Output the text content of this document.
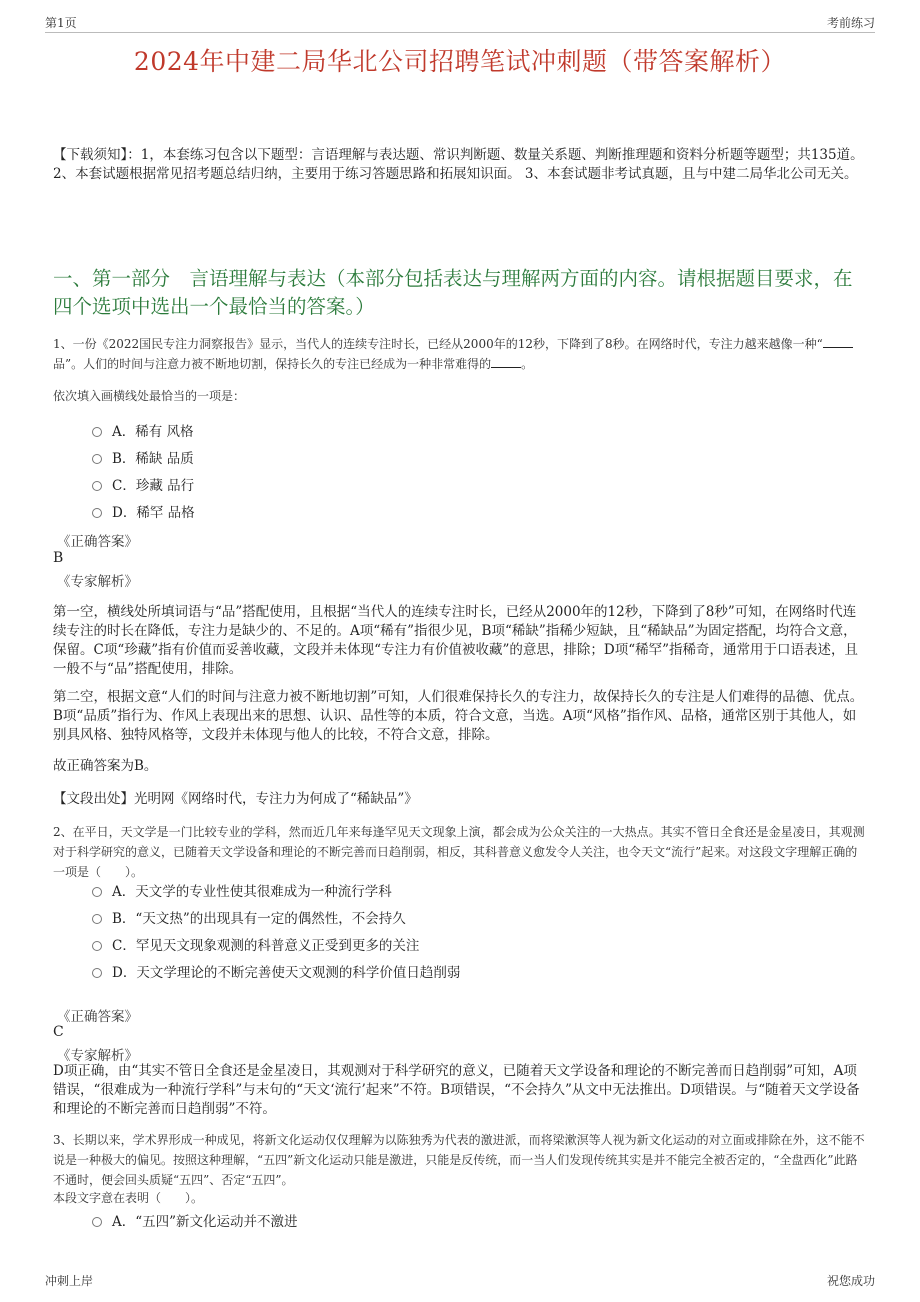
第1页	考前练习
2024年中建二局华北公司招聘笔试冲刺题（带答案解析）
【下载须知】：1，本套练习包含以下题型：言语理解与表达题、常识判断题、数量关系题、判断推理题和资料分析题等题型；共135道。 2、本套试题根据常见招考题总结归纳，主要用于练习答题思路和拓展知识面。 3、本套试题非考试真题，且与中建二局华北公司无关。
一、第一部分　言语理解与表达（本部分包括表达与理解两方面的内容。请根据题目要求，在四个选项中选出一个最恰当的答案。）
1、一份《2022国民专注力洞察报告》显示，当代人的连续专注时长，已经从2000年的12秒，下降到了8秒。在网络时代，专注力越来越像一种“品”。人们的时间与注意力被不断地切割，保持长久的专注已经成为一种非常难得的	。
依次填入画横线处最恰当的一项是：
A．稀有 风格
B．稀缺 品质
C．珍藏 品行
D．稀罕 品格
《正确答案》
B
《专家解析》
第一空，横线处所填词语与“品”搭配使用，且根据“当代人的连续专注时长，已经从2000年的12秒，下降到了8秒”可知，在网络时代连续专注的时长在降低，专注力是缺少的、不足的。A项“稀有”指很少见，B项“稀缺”指稀少短缺，且“稀缺品”为固定搭配，均符合文意，保留。C项“珍藏”指有价值而妥善收藏，文段并未体现“专注力有价值被收藏”的意思，排除；D项“稀罕”指稀奇，通常用于口语表述，且一般不与“品”搭配使用，排除。
第二空，根据文意“人们的时间与注意力被不断地切割”可知，人们很难保持长久的专注力，故保持长久的专注是人们难得的品德、优点。B项“品质”指行为、作风上表现出来的思想、认识、品性等的本质，符合文意，当选。A项“风格”指作风、品格，通常区别于其他人，如别具风格、独特风格等，文段并未体现与他人的比较，不符合文意，排除。
故正确答案为B。
【文段出处】光明网《网络时代，专注力为何成了“稀缺品”》
2、在平日，天文学是一门比较专业的学科，然而近几年来每逢罕见天文现象上演，都会成为公众关注的一大热点。其实不管日全食还是金星凌日，其观测对于科学研究的意义，已随着天文学设备和理论的不断完善而日趋削弱，相反，其科普意义愈发令人关注，也令天文“流行”起来。对这段文字理解正确的一项是（　　）。
A．天文学的专业性使其很难成为一种流行学科
B．“天文热”的出现具有一定的偶然性，不会持久
C．罕见天文现象观测的科普意义正受到更多的关注
D．天文学理论的不断完善使天文观测的科学价值日趋削弱
《正确答案》
C
《专家解析》
D项正确，由“其实不管日全食还是金星凌日，其观测对于科学研究的意义，已随着天文学设备和理论的不断完善而日趋削弱”可知，A项错误，“很难成为一种流行学科”与末句的“天文‘流行’起来”不符。B项错误，“不会持久”从文中无法推出。D项错误。与“随着天文学设备和理论的不断完善而日趋削弱”不符。
3、长期以来，学术界形成一种成见，将新文化运动仅仅理解为以陈独秀为代表的激进派，而将梁漱溟等人视为新文化运动的对立面或排除在外，这不能不说是一种极大的偏见。按照这种理解，“五四”新文化运动只能是激进，只能是反传统，而一当人们发现传统其实是并不能完全被否定的，“全盘西化”此路不通时，便会回头质疑“五四”、否定“五四”。
本段文字意在表明（　　）。
A．“五四”新文化运动并不激进
冲刺上岸	祝您成功
